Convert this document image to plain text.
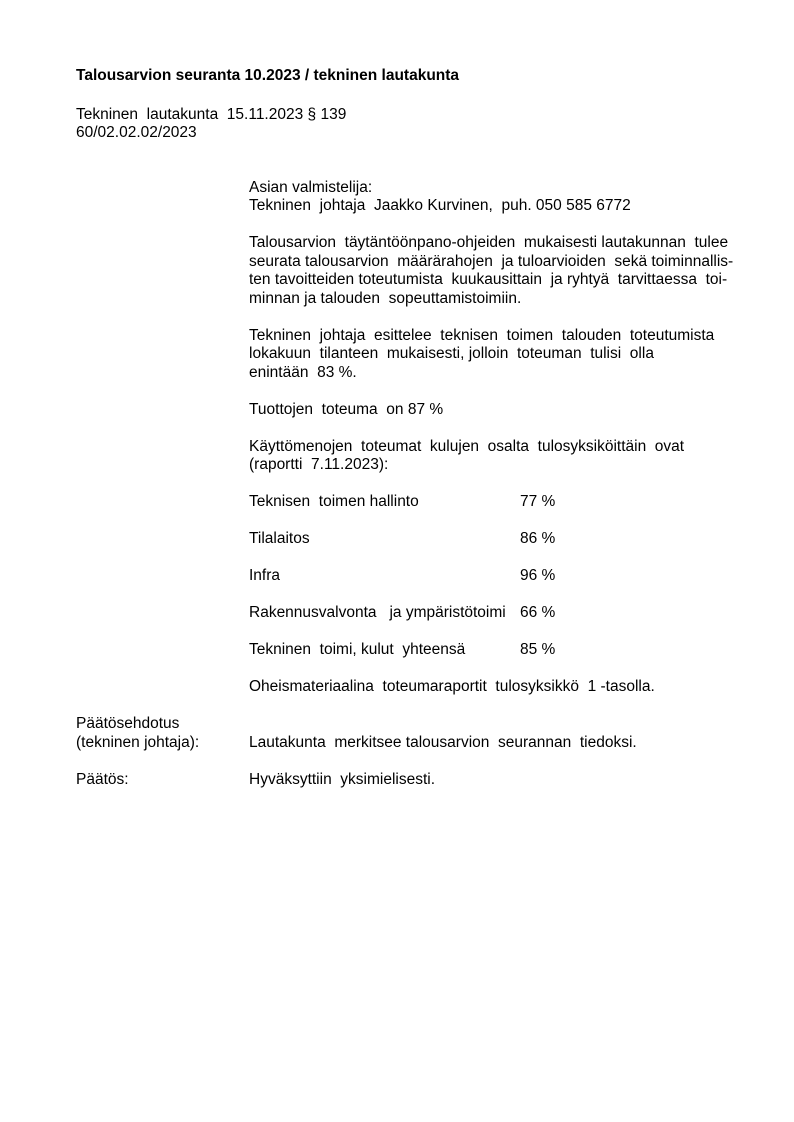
Talousarvion seuranta 10.2023 / tekninen lautakunta
Tekninen  lautakunta  15.11.2023 § 139
60/02.02.02/2023
Asian valmistelija:
Tekninen  johtaja  Jaakko Kurvinen,  puh. 050 585 6772
Talousarvion  täytäntöönpano-ohjeiden  mukaisesti lautakunnan  tulee
seurata talousarvion  määrärahojen  ja tuloarvioiden  sekä toiminnallis-
ten tavoitteiden toteutumista  kuukausittain  ja ryhtyä  tarvittaessa  toi-
minnan ja talouden  sopeuttamistoimiin.
Tekninen  johtaja  esittelee  teknisen  toimen  talouden  toteutumista
lokakuun  tilanteen  mukaisesti, jolloin  toteuman  tulisi  olla
enintään  83 %.
Tuottojen  toteuma  on 87 %
Käyttömenojen  toteumat  kulujen  osalta  tulosyksiköittäin  ovat
(raportti  7.11.2023):
Teknisen  toimen hallinto	77 %
Tilalaitos	86 %
Infra	96 %
Rakennusvalvonta   ja ympäristötoimi 66 %
Tekninen  toimi, kulut  yhteensä	85 %
Oheismateriaalina  toteumaraportit  tulosyksikkö  1 -tasolla.
Päätösehdotus
(tekninen johtaja):	Lautakunta  merkitsee talousarvion  seurannan  tiedoksi.
Päätös:	Hyväksyttiin  yksimielisesti.
